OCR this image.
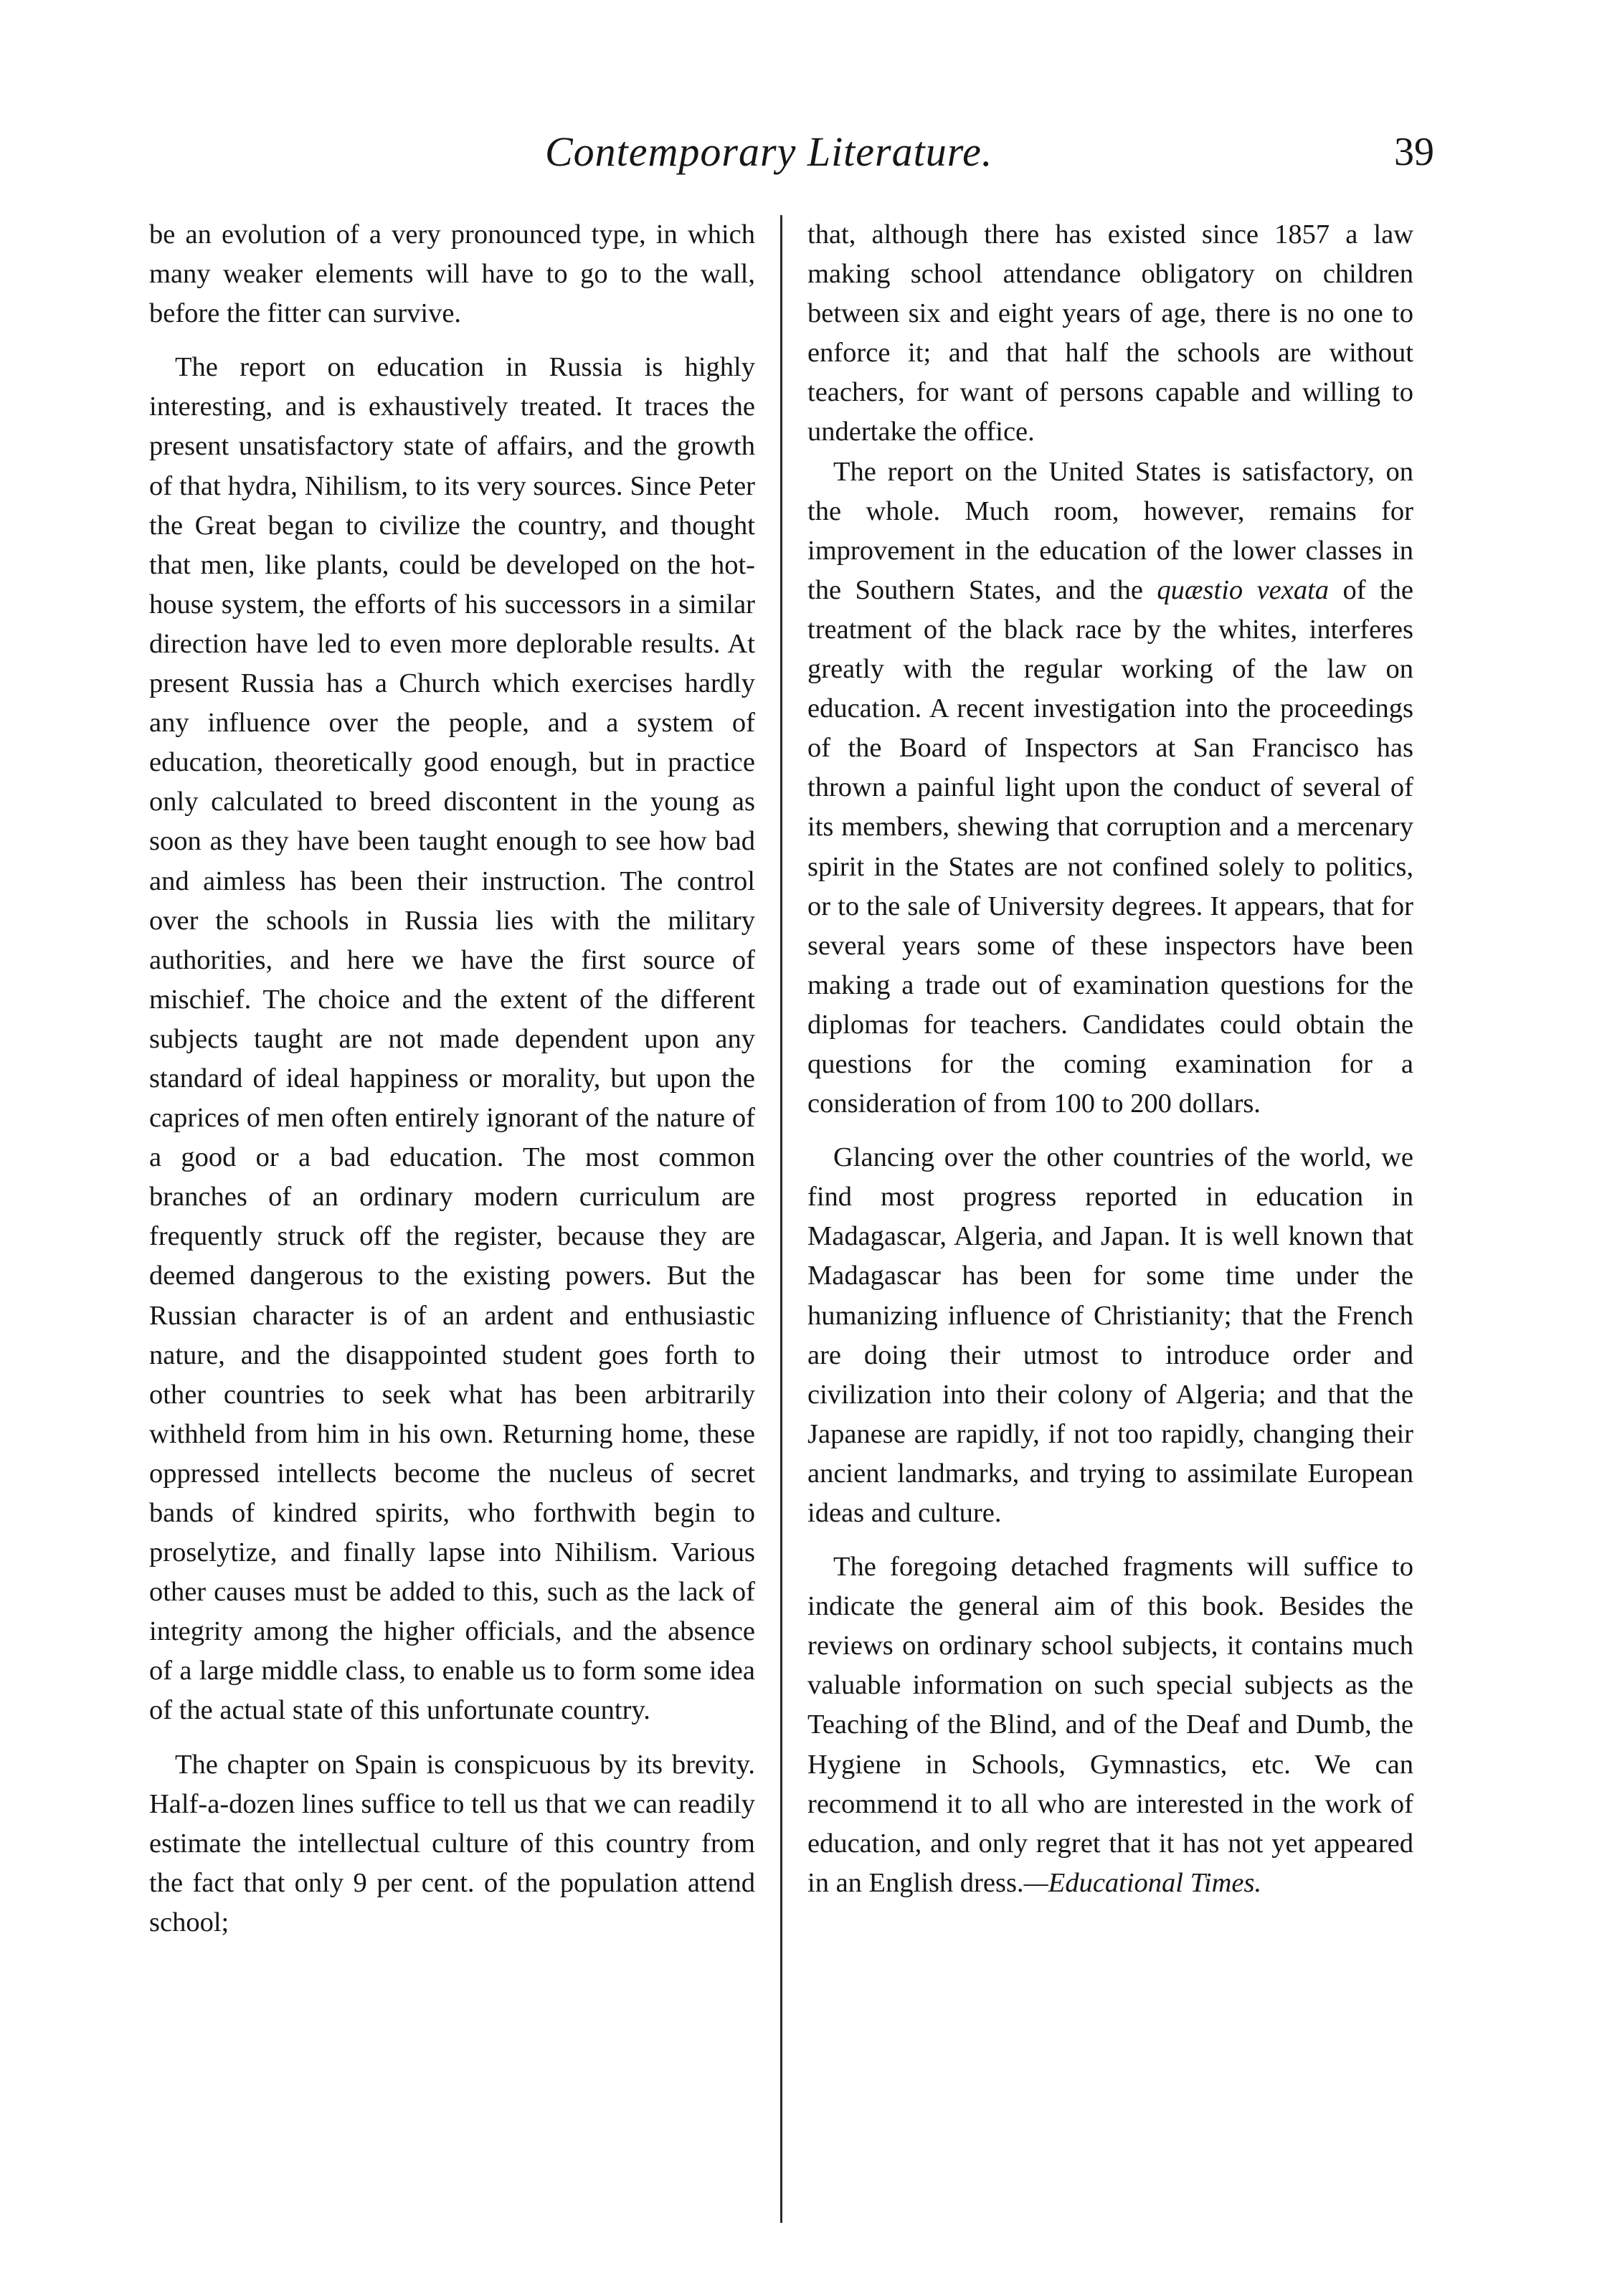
Contemporary Literature.	39

be an evolution of a very pronounced type, in which many weaker elements will have to go to the wall, before the fitter can survive.

The report on education in Russia is highly interesting, and is exhaustively treated. It traces the present unsatisfactory state of affairs, and the growth of that hydra, Nihilism, to its very sources. Since Peter the Great began to civilize the country, and thought that men, like plants, could be developed on the hot-house system, the efforts of his successors in a similar direction have led to even more deplorable results. At present Russia has a Church which exercises hardly any influence over the people, and a system of education, theoretically good enough, but in practice only calculated to breed discontent in the young as soon as they have been taught enough to see how bad and aimless has been their instruction. The control over the schools in Russia lies with the military authorities, and here we have the first source of mischief. The choice and the extent of the different subjects taught are not made dependent upon any standard of ideal happiness or morality, but upon the caprices of men often entirely ignorant of the nature of a good or a bad education. The most common branches of an ordinary modern curriculum are frequently struck off the register, because they are deemed dangerous to the existing powers. But the Russian character is of an ardent and enthusiastic nature, and the disappointed student goes forth to other countries to seek what has been arbitrarily withheld from him in his own. Returning home, these oppressed intellects become the nucleus of secret bands of kindred spirits, who forthwith begin to proselytize, and finally lapse into Nihilism. Various other causes must be added to this, such as the lack of integrity among the higher officials, and the absence of a large middle class, to enable us to form some idea of the actual state of this unfortunate country.

The chapter on Spain is conspicuous by its brevity. Half-a-dozen lines suffice to tell us that we can readily estimate the intellectual culture of this country from the fact that only 9 per cent. of the population attend school;

that, although there has existed since 1857 a law making school attendance obligatory on children between six and eight years of age, there is no one to enforce it; and that half the schools are without teachers, for want of persons capable and willing to undertake the office.

The report on the United States is satisfactory, on the whole. Much room, however, remains for improvement in the education of the lower classes in the Southern States, and the quæstio vexata of the treatment of the black race by the whites, interferes greatly with the regular working of the law on education. A recent investigation into the proceedings of the Board of Inspectors at San Francisco has thrown a painful light upon the conduct of several of its members, shewing that corruption and a mercenary spirit in the States are not confined solely to politics, or to the sale of University degrees. It appears, that for several years some of these inspectors have been making a trade out of examination questions for the diplomas for teachers. Candidates could obtain the questions for the coming examination for a consideration of from 100 to 200 dollars.

Glancing over the other countries of the world, we find most progress reported in education in Madagascar, Algeria, and Japan. It is well known that Madagascar has been for some time under the humanizing influence of Christianity; that the French are doing their utmost to introduce order and civilization into their colony of Algeria; and that the Japanese are rapidly, if not too rapidly, changing their ancient landmarks, and trying to assimilate European ideas and culture.

The foregoing detached fragments will suffice to indicate the general aim of this book. Besides the reviews on ordinary school subjects, it contains much valuable information on such special subjects as the Teaching of the Blind, and of the Deaf and Dumb, the Hygiene in Schools, Gymnastics, etc. We can recommend it to all who are interested in the work of education, and only regret that it has not yet appeared in an English dress.—Educational Times.
